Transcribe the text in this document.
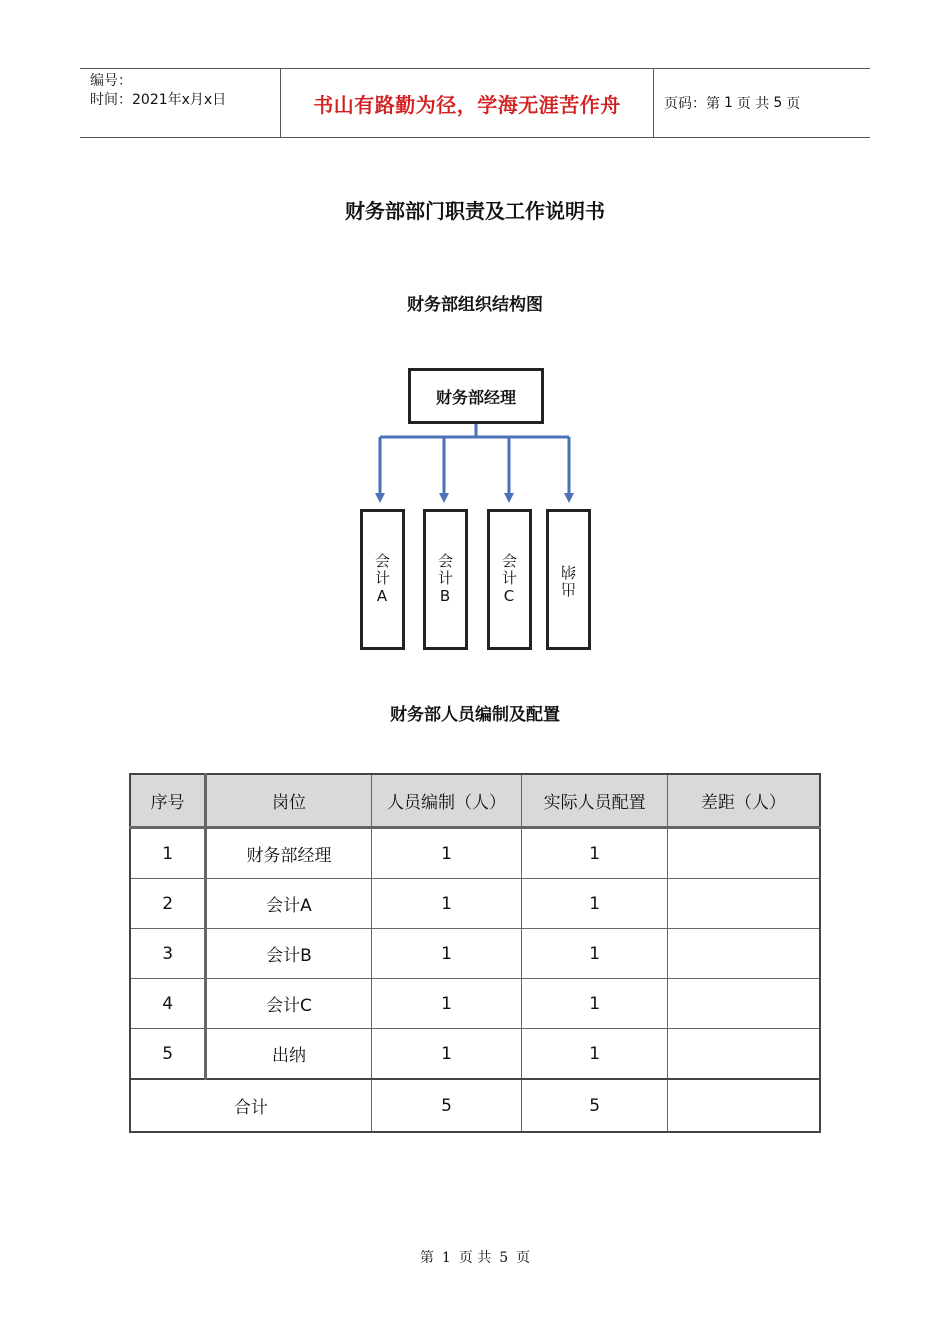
编号：
时间：2021年x月x日	书山有路勤为径，学海无涯苦作舟	页码：第 1 页 共 5 页
财务部部门职责及工作说明书
财务部组织结构图
财务部经理
会计A	会计B	会计C	出纳
财务部人员编制及配置
序号	岗位	人员编制（人）	实际人员配置	差距（人）
1	财务部经理	1	1	
2	会计A	1	1	
3	会计B	1	1	
4	会计C	1	1	
5	出纳	1	1	
合计		5	5	
第 1 页 共 5 页
